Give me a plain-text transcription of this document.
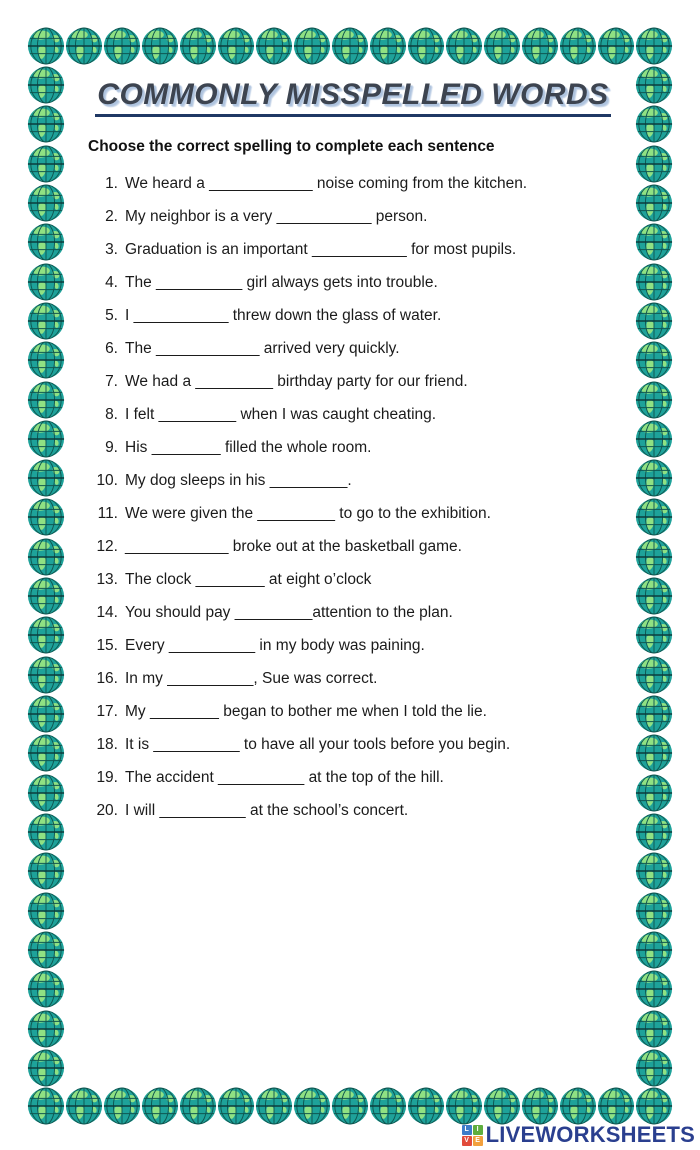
COMMONLY MISSPELLED WORDS

Choose the correct spelling to complete each sentence

1. We heard a ____________ noise coming from the kitchen.
2. My neighbor is a very ___________ person.
3. Graduation is an important ___________ for most pupils.
4. The __________ girl always gets into trouble.
5. I ___________ threw down the glass of water.
6. The ____________ arrived very quickly.
7. We had a _________ birthday party for our friend.
8. I felt _________ when I was caught cheating.
9. His ________ filled the whole room.
10. My dog sleeps in his _________.
11. We were given the _________ to go to the exhibition.
12. ____________ broke out at the basketball game.
13. The clock ________ at eight o’clock
14. You should pay _________attention to the plan.
15. Every __________ in my body was paining.
16. In my __________, Sue was correct.
17. My ________ began to bother me when I told the lie.
18. It is __________ to have all your tools before you begin.
19. The accident __________ at the top of the hill.
20. I will __________ at the school’s concert.
L	I
V E LIVEWORKSHEETS
